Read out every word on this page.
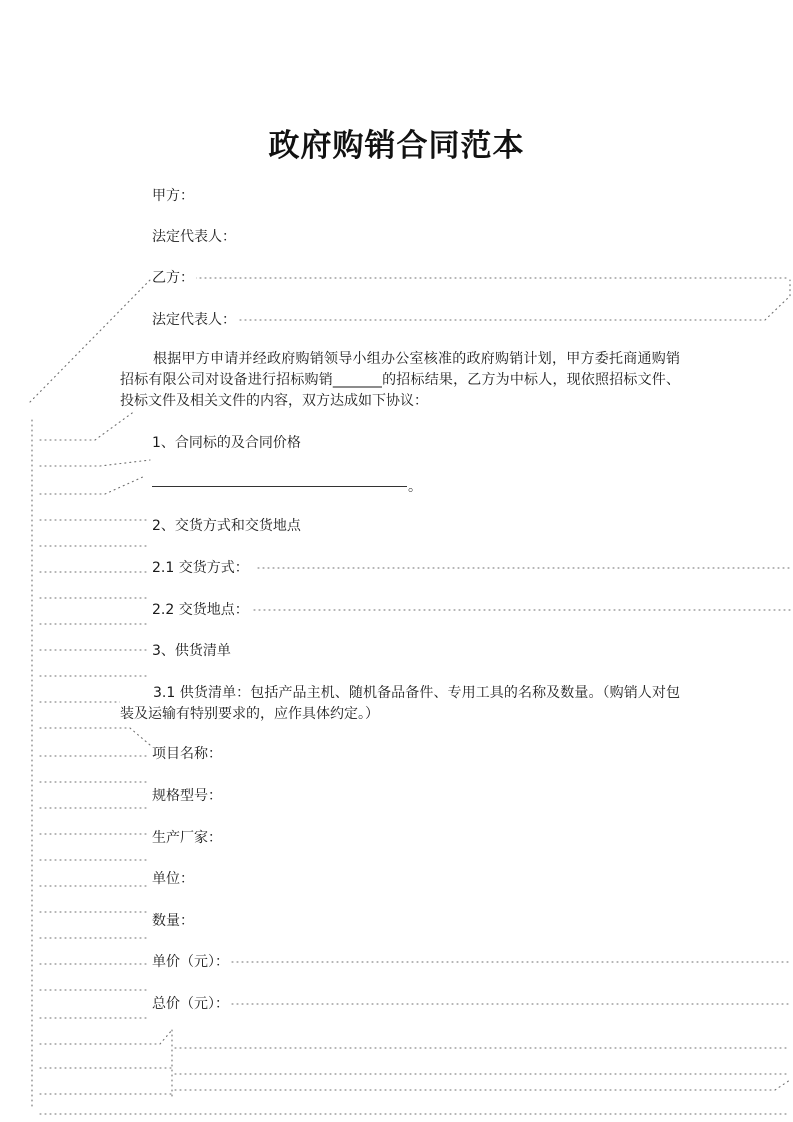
政府购销合同范本
甲方：
法定代表人：
乙方：
法定代表人：
根据甲方申请并经政府购销领导小组办公室核准的政府购销计划，甲方委托商通购销招标有限公司对设备进行招标购销_______的招标结果，乙方为中标人，现依照招标文件、投标文件及相关文件的内容，双方达成如下协议：
1、合同标的及合同价格
。
2、交货方式和交货地点
2.1 交货方式：
2.2 交货地点：
3、供货清单
3.1 供货清单：包括产品主机、随机备品备件、专用工具的名称及数量。（购销人对包装及运输有特别要求的，应作具体约定。）
项目名称：
规格型号：
生产厂家：
单位：
数量：
单价（元）：
总价（元）：
